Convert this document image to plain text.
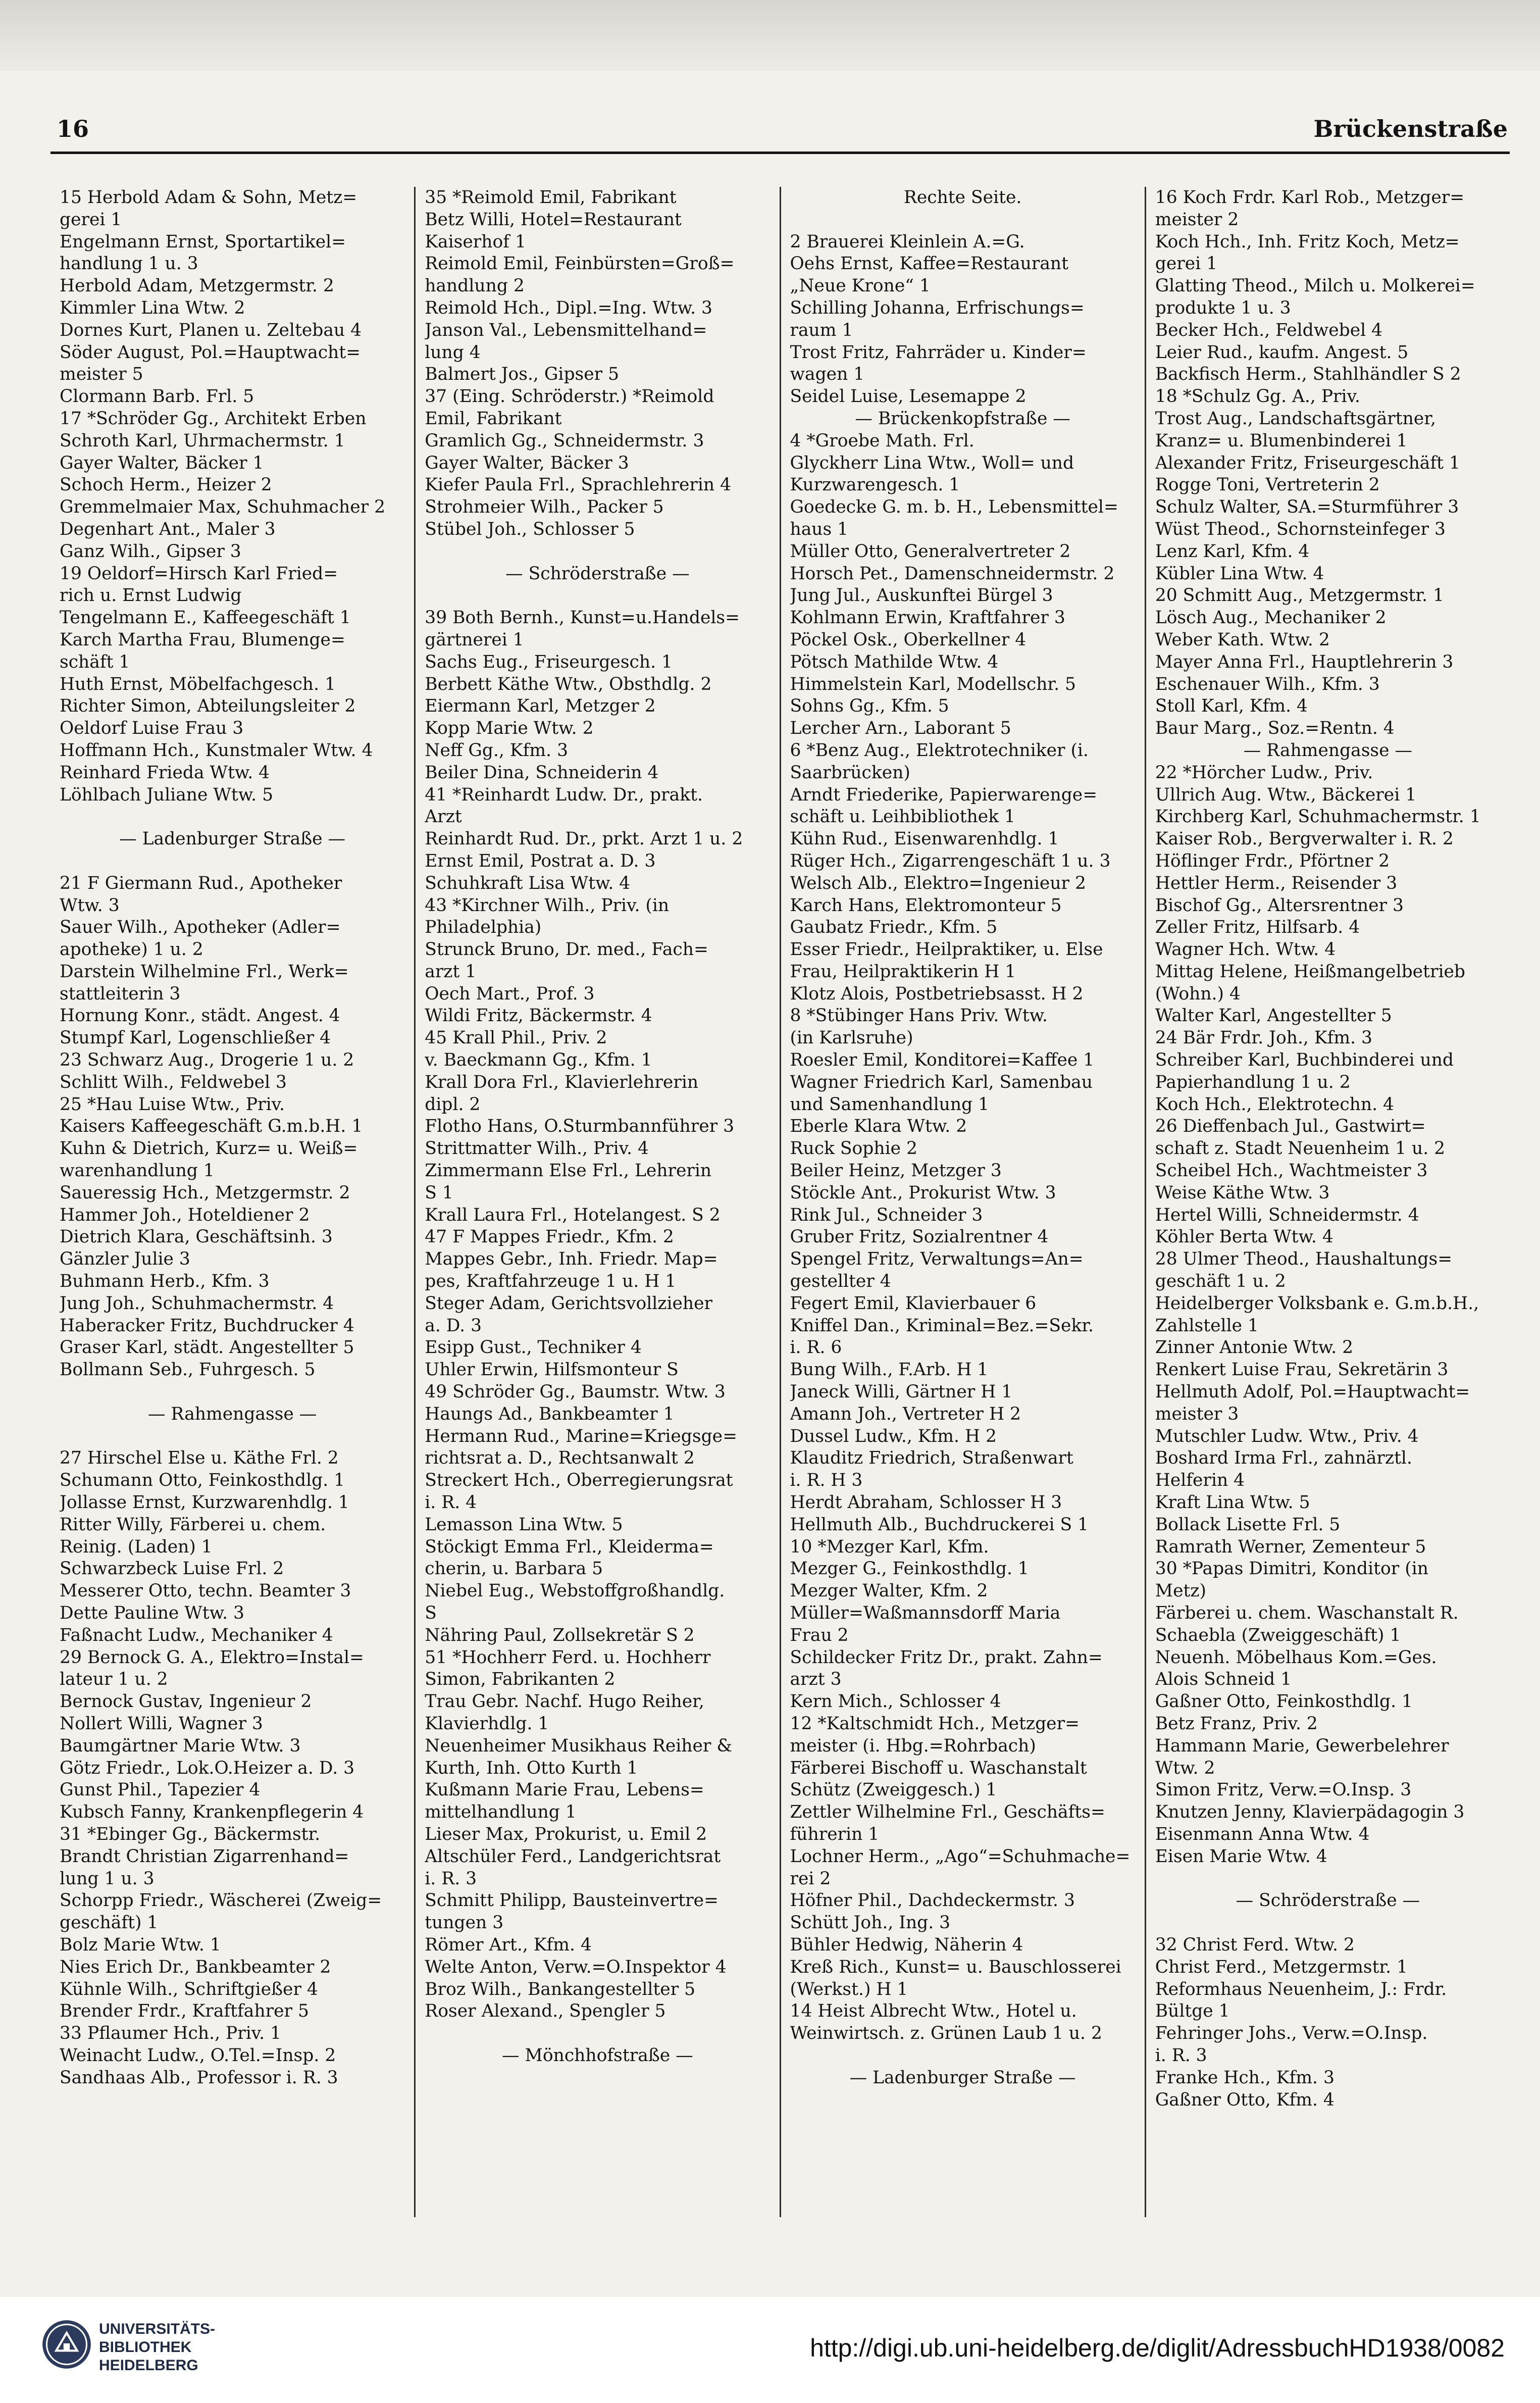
16	Brückenstraße
15 Herbold Adam & Sohn, Metz=
gerei 1
Engelmann Ernst, Sportartikel=
handlung 1 u. 3
Herbold Adam, Metzgermstr. 2
Kimmler Lina Wtw. 2
Dornes Kurt, Planen u. Zeltebau 4
Söder August, Pol.=Hauptwacht=
meister 5
Clormann Barb. Frl. 5
17 *Schröder Gg., Architekt Erben
Schroth Karl, Uhrmachermstr. 1
Gayer Walter, Bäcker 1
Schoch Herm., Heizer 2
Gremmelmaier Max, Schuhmacher 2
Degenhart Ant., Maler 3
Ganz Wilh., Gipser 3
19 Oeldorf=Hirsch Karl Fried=
rich u. Ernst Ludwig
Tengelmann E., Kaffeegeschäft 1
Karch Martha Frau, Blumenge=
schäft 1
Huth Ernst, Möbelfachgesch. 1
Richter Simon, Abteilungsleiter 2
Oeldorf Luise Frau 3
Hoffmann Hch., Kunstmaler Wtw. 4
Reinhard Frieda Wtw. 4
Löhlbach Juliane Wtw. 5

— Ladenburger Straße —

21 F Giermann Rud., Apotheker
Wtw. 3
Sauer Wilh., Apotheker (Adler=
apotheke) 1 u. 2
Darstein Wilhelmine Frl., Werk=
stattleiterin 3
Hornung Konr., städt. Angest. 4
Stumpf Karl, Logenschließer 4
23 Schwarz Aug., Drogerie 1 u. 2
Schlitt Wilh., Feldwebel 3
25 *Hau Luise Wtw., Priv.
Kaisers Kaffeegeschäft G.m.b.H. 1
Kuhn & Dietrich, Kurz= u. Weiß=
warenhandlung 1
Saueressig Hch., Metzgermstr. 2
Hammer Joh., Hoteldiener 2
Dietrich Klara, Geschäftsinh. 3
Gänzler Julie 3
Buhmann Herb., Kfm. 3
Jung Joh., Schuhmachermstr. 4
Haberacker Fritz, Buchdrucker 4
Graser Karl, städt. Angestellter 5
Bollmann Seb., Fuhrgesch. 5

— Rahmengasse —

27 Hirschel Else u. Käthe Frl. 2
Schumann Otto, Feinkosthdlg. 1
Jollasse Ernst, Kurzwarenhdlg. 1
Ritter Willy, Färberei u. chem.
Reinig. (Laden) 1
Schwarzbeck Luise Frl. 2
Messerer Otto, techn. Beamter 3
Dette Pauline Wtw. 3
Faßnacht Ludw., Mechaniker 4
29 Bernock G. A., Elektro=Instal=
lateur 1 u. 2
Bernock Gustav, Ingenieur 2
Nollert Willi, Wagner 3
Baumgärtner Marie Wtw. 3
Götz Friedr., Lok.O.Heizer a. D. 3
Gunst Phil., Tapezier 4
Kubsch Fanny, Krankenpflegerin 4
31 *Ebinger Gg., Bäckermstr.
Brandt Christian Zigarrenhand=
lung 1 u. 3
Schorpp Friedr., Wäscherei (Zweig=
geschäft) 1
Bolz Marie Wtw. 1
Nies Erich Dr., Bankbeamter 2
Kühnle Wilh., Schriftgießer 4
Brender Frdr., Kraftfahrer 5
33 Pflaumer Hch., Priv. 1
Weinacht Ludw., O.Tel.=Insp. 2
Sandhaas Alb., Professor i. R. 3
35 *Reimold Emil, Fabrikant
Betz Willi, Hotel=Restaurant
Kaiserhof 1
Reimold Emil, Feinbürsten=Groß=
handlung 2
Reimold Hch., Dipl.=Ing. Wtw. 3
Janson Val., Lebensmittelhand=
lung 4
Balmert Jos., Gipser 5
37 (Eing. Schröderstr.) *Reimold
Emil, Fabrikant
Gramlich Gg., Schneidermstr. 3
Gayer Walter, Bäcker 3
Kiefer Paula Frl., Sprachlehrerin 4
Strohmeier Wilh., Packer 5
Stübel Joh., Schlosser 5

— Schröderstraße —

39 Both Bernh., Kunst=u.Handels=
gärtnerei 1
Sachs Eug., Friseurgesch. 1
Berbett Käthe Wtw., Obsthdlg. 2
Eiermann Karl, Metzger 2
Kopp Marie Wtw. 2
Neff Gg., Kfm. 3
Beiler Dina, Schneiderin 4
41 *Reinhardt Ludw. Dr., prakt.
Arzt
Reinhardt Rud. Dr., prkt. Arzt 1 u. 2
Ernst Emil, Postrat a. D. 3
Schuhkraft Lisa Wtw. 4
43 *Kirchner Wilh., Priv. (in
Philadelphia)
Strunck Bruno, Dr. med., Fach=
arzt 1
Oech Mart., Prof. 3
Wildi Fritz, Bäckermstr. 4
45 Krall Phil., Priv. 2
v. Baeckmann Gg., Kfm. 1
Krall Dora Frl., Klavierlehrerin
dipl. 2
Flotho Hans, O.Sturmbannführer 3
Strittmatter Wilh., Priv. 4
Zimmermann Else Frl., Lehrerin
S 1
Krall Laura Frl., Hotelangest. S 2
47 F Mappes Friedr., Kfm. 2
Mappes Gebr., Inh. Friedr. Map=
pes, Kraftfahrzeuge 1 u. H 1
Steger Adam, Gerichtsvollzieher
a. D. 3
Esipp Gust., Techniker 4
Uhler Erwin, Hilfsmonteur S
49 Schröder Gg., Baumstr. Wtw. 3
Haungs Ad., Bankbeamter 1
Hermann Rud., Marine=Kriegsge=
richtsrat a. D., Rechtsanwalt 2
Streckert Hch., Oberregierungsrat
i. R. 4
Lemasson Lina Wtw. 5
Stöckigt Emma Frl., Kleiderma=
cherin, u. Barbara 5
Niebel Eug., Webstoffgroßhandlg.
S
Nähring Paul, Zollsekretär S 2
51 *Hochherr Ferd. u. Hochherr
Simon, Fabrikanten 2
Trau Gebr. Nachf. Hugo Reiher,
Klavierhdlg. 1
Neuenheimer Musikhaus Reiher &
Kurth, Inh. Otto Kurth 1
Kußmann Marie Frau, Lebens=
mittelhandlung 1
Lieser Max, Prokurist, u. Emil 2
Altschüler Ferd., Landgerichtsrat
i. R. 3
Schmitt Philipp, Bausteinvertre=
tungen 3
Römer Art., Kfm. 4
Welte Anton, Verw.=O.Inspektor 4
Broz Wilh., Bankangestellter 5
Roser Alexand., Spengler 5

— Mönchhofstraße —
Rechte Seite.

2 Brauerei Kleinlein A.=G.
Oehs Ernst, Kaffee=Restaurant
„Neue Krone“ 1
Schilling Johanna, Erfrischungs=
raum 1
Trost Fritz, Fahrräder u. Kinder=
wagen 1
Seidel Luise, Lesemappe 2
— Brückenkopfstraße —
4 *Groebe Math. Frl.
Glyckherr Lina Wtw., Woll= und
Kurzwarengesch. 1
Goedecke G. m. b. H., Lebensmittel=
haus 1
Müller Otto, Generalvertreter 2
Horsch Pet., Damenschneidermstr. 2
Jung Jul., Auskunftei Bürgel 3
Kohlmann Erwin, Kraftfahrer 3
Pöckel Osk., Oberkellner 4
Pötsch Mathilde Wtw. 4
Himmelstein Karl, Modellschr. 5
Sohns Gg., Kfm. 5
Lercher Arn., Laborant 5
6 *Benz Aug., Elektrotechniker (i.
Saarbrücken)
Arndt Friederike, Papierwarenge=
schäft u. Leihbibliothek 1
Kühn Rud., Eisenwarenhdlg. 1
Rüger Hch., Zigarrengeschäft 1 u. 3
Welsch Alb., Elektro=Ingenieur 2
Karch Hans, Elektromonteur 5
Gaubatz Friedr., Kfm. 5
Esser Friedr., Heilpraktiker, u. Else
Frau, Heilpraktikerin H 1
Klotz Alois, Postbetriebsasst. H 2
8 *Stübinger Hans Priv. Wtw.
(in Karlsruhe)
Roesler Emil, Konditorei=Kaffee 1
Wagner Friedrich Karl, Samenbau
und Samenhandlung 1
Eberle Klara Wtw. 2
Ruck Sophie 2
Beiler Heinz, Metzger 3
Stöckle Ant., Prokurist Wtw. 3
Rink Jul., Schneider 3
Gruber Fritz, Sozialrentner 4
Spengel Fritz, Verwaltungs=An=
gestellter 4
Fegert Emil, Klavierbauer 6
Kniffel Dan., Kriminal=Bez.=Sekr.
i. R. 6
Bung Wilh., F.Arb. H 1
Janeck Willi, Gärtner H 1
Amann Joh., Vertreter H 2
Dussel Ludw., Kfm. H 2
Klauditz Friedrich, Straßenwart
i. R. H 3
Herdt Abraham, Schlosser H 3
Hellmuth Alb., Buchdruckerei S 1
10 *Mezger Karl, Kfm.
Mezger G., Feinkosthdlg. 1
Mezger Walter, Kfm. 2
Müller=Waßmannsdorff Maria
Frau 2
Schildecker Fritz Dr., prakt. Zahn=
arzt 3
Kern Mich., Schlosser 4
12 *Kaltschmidt Hch., Metzger=
meister (i. Hbg.=Rohrbach)
Färberei Bischoff u. Waschanstalt
Schütz (Zweiggesch.) 1
Zettler Wilhelmine Frl., Geschäfts=
führerin 1
Lochner Herm., „Ago“=Schuhmache=
rei 2
Höfner Phil., Dachdeckermstr. 3
Schütt Joh., Ing. 3
Bühler Hedwig, Näherin 4
Kreß Rich., Kunst= u. Bauschlosserei
(Werkst.) H 1
14 Heist Albrecht Wtw., Hotel u.
Weinwirtsch. z. Grünen Laub 1 u. 2

— Ladenburger Straße —
16 Koch Frdr. Karl Rob., Metzger=
meister 2
Koch Hch., Inh. Fritz Koch, Metz=
gerei 1
Glatting Theod., Milch u. Molkerei=
produkte 1 u. 3
Becker Hch., Feldwebel 4
Leier Rud., kaufm. Angest. 5
Backfisch Herm., Stahlhändler S 2
18 *Schulz Gg. A., Priv.
Trost Aug., Landschaftsgärtner,
Kranz= u. Blumenbinderei 1
Alexander Fritz, Friseurgeschäft 1
Rogge Toni, Vertreterin 2
Schulz Walter, SA.=Sturmführer 3
Wüst Theod., Schornsteinfeger 3
Lenz Karl, Kfm. 4
Kübler Lina Wtw. 4
20 Schmitt Aug., Metzgermstr. 1
Lösch Aug., Mechaniker 2
Weber Kath. Wtw. 2
Mayer Anna Frl., Hauptlehrerin 3
Eschenauer Wilh., Kfm. 3
Stoll Karl, Kfm. 4
Baur Marg., Soz.=Rentn. 4
— Rahmengasse —
22 *Hörcher Ludw., Priv.
Ullrich Aug. Wtw., Bäckerei 1
Kirchberg Karl, Schuhmachermstr. 1
Kaiser Rob., Bergverwalter i. R. 2
Höflinger Frdr., Pförtner 2
Hettler Herm., Reisender 3
Bischof Gg., Altersrentner 3
Zeller Fritz, Hilfsarb. 4
Wagner Hch. Wtw. 4
Mittag Helene, Heißmangelbetrieb
(Wohn.) 4
Walter Karl, Angestellter 5
24 Bär Frdr. Joh., Kfm. 3
Schreiber Karl, Buchbinderei und
Papierhandlung 1 u. 2
Koch Hch., Elektrotechn. 4
26 Dieffenbach Jul., Gastwirt=
schaft z. Stadt Neuenheim 1 u. 2
Scheibel Hch., Wachtmeister 3
Weise Käthe Wtw. 3
Hertel Willi, Schneidermstr. 4
Köhler Berta Wtw. 4
28 Ulmer Theod., Haushaltungs=
geschäft 1 u. 2
Heidelberger Volksbank e. G.m.b.H.,
Zahlstelle 1
Zinner Antonie Wtw. 2
Renkert Luise Frau, Sekretärin 3
Hellmuth Adolf, Pol.=Hauptwacht=
meister 3
Mutschler Ludw. Wtw., Priv. 4
Boshard Irma Frl., zahnärztl.
Helferin 4
Kraft Lina Wtw. 5
Bollack Lisette Frl. 5
Ramrath Werner, Zementeur 5
30 *Papas Dimitri, Konditor (in
Metz)
Färberei u. chem. Waschanstalt R.
Schaebla (Zweiggeschäft) 1
Neuenh. Möbelhaus Kom.=Ges.
Alois Schneid 1
Gaßner Otto, Feinkosthdlg. 1
Betz Franz, Priv. 2
Hammann Marie, Gewerbelehrer
Wtw. 2
Simon Fritz, Verw.=O.Insp. 3
Knutzen Jenny, Klavierpädagogin 3
Eisenmann Anna Wtw. 4
Eisen Marie Wtw. 4

— Schröderstraße —

32 Christ Ferd. Wtw. 2
Christ Ferd., Metzgermstr. 1
Reformhaus Neuenheim, J.: Frdr.
Bültge 1
Fehringer Johs., Verw.=O.Insp.
i. R. 3
Franke Hch., Kfm. 3
Gaßner Otto, Kfm. 4
UNIVERSITÄTS-
BIBLIOTHEK
HEIDELBERG
http://digi.ub.uni-heidelberg.de/diglit/AdressbuchHD1938/0082
